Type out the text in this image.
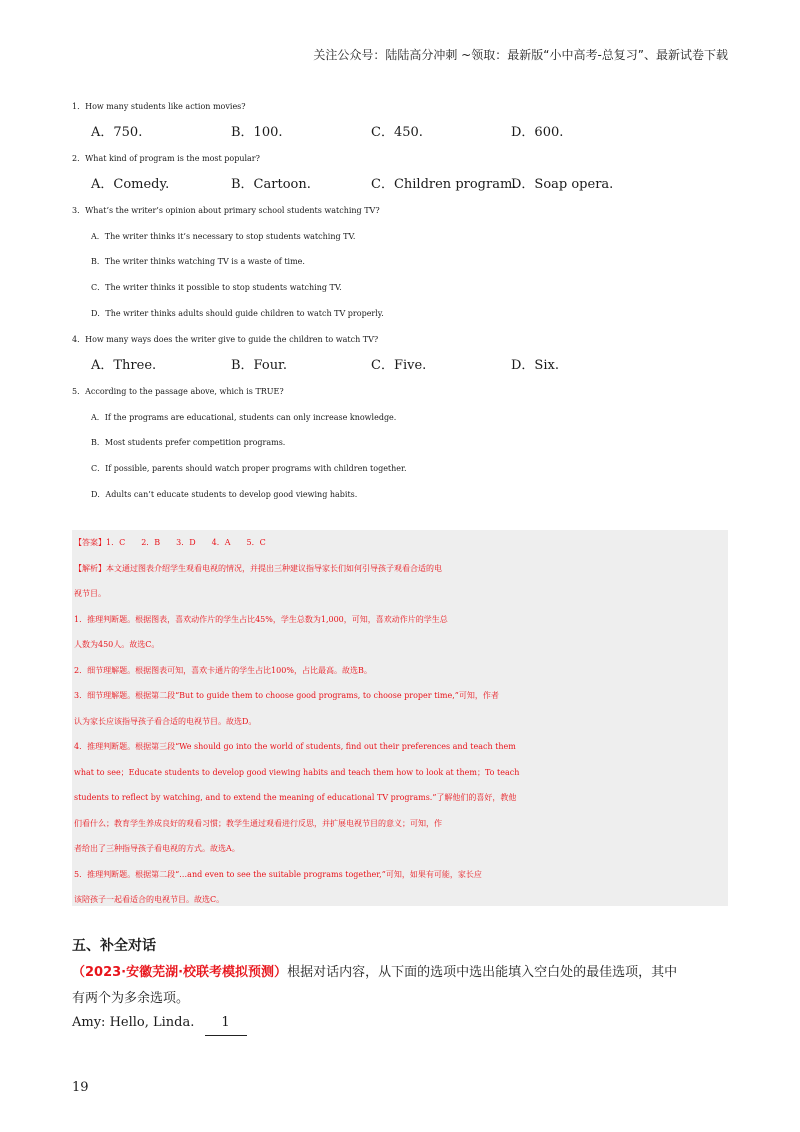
关注公众号：陆陆高分冲刺 ~领取：最新版“小中高考-总复习”、最新试卷下载
1．How many students like action movies?
A．750.	B．100.	C．450.	D．600.
2．What kind of program is the most popular?
A．Comedy.	B．Cartoon.	C．Children program.
D．Soap opera.
3．What’s the writer’s opinion about primary school students watching TV?
A．The writer thinks it’s necessary to stop students watching TV.
B．The writer thinks watching TV is a waste of time.
C．The writer thinks it possible to stop students watching TV.
D．The writer thinks adults should guide children to watch TV properly.
4．How many ways does the writer give to guide the children to watch TV?
A．Three.	B．Four.	C．Five.	D．Six.
5．According to the passage above, which is TRUE?
A．If the programs are educational, students can only increase knowledge.
B．Most students prefer competition programs.
C．If possible, parents should watch proper programs with children together.
D．Adults can’t educate students to develop good viewing habits.
【答案】1．C　　2．B　　3．D　　4．A　　5．C
【解析】本文通过图表介绍学生观看电视的情况，并提出三种建议指导家长们如何引导孩子观看合适的电
视节目。
1．推理判断题。根据图表，喜欢动作片的学生占比45%，学生总数为1,000，可知，喜欢动作片的学生总
人数为450人。故选C。
2．细节理解题。根据图表可知，喜欢卡通片的学生占比100%，占比最高。故选B。
3．细节理解题。根据第二段“But to guide them to choose good programs, to choose proper time,”可知，作者
认为家长应该指导孩子看合适的电视节目。故选D。
4．推理判断题。根据第三段“We should go into the world of students, find out their preferences and teach them
what to see；Educate students to develop good viewing habits and teach them how to look at them；To teach
students to reflect by watching, and to extend the meaning of educational TV programs.”了解他们的喜好，教他
们看什么；教育学生养成良好的观看习惯；教学生通过观看进行反思，并扩展电视节目的意义；可知，作
者给出了三种指导孩子看电视的方式。故选A。
5．推理判断题。根据第二段“…and even to see the suitable programs together,”可知，如果有可能，家长应
该陪孩子一起看适合的电视节目。故选C。
五、补全对话
（2023·安徽芜湖·校联考模拟预测）根据对话内容，从下面的选项中选出能填入空白处的最佳选项，其中
有两个为多余选项。
Amy: Hello, Linda. 1
19
